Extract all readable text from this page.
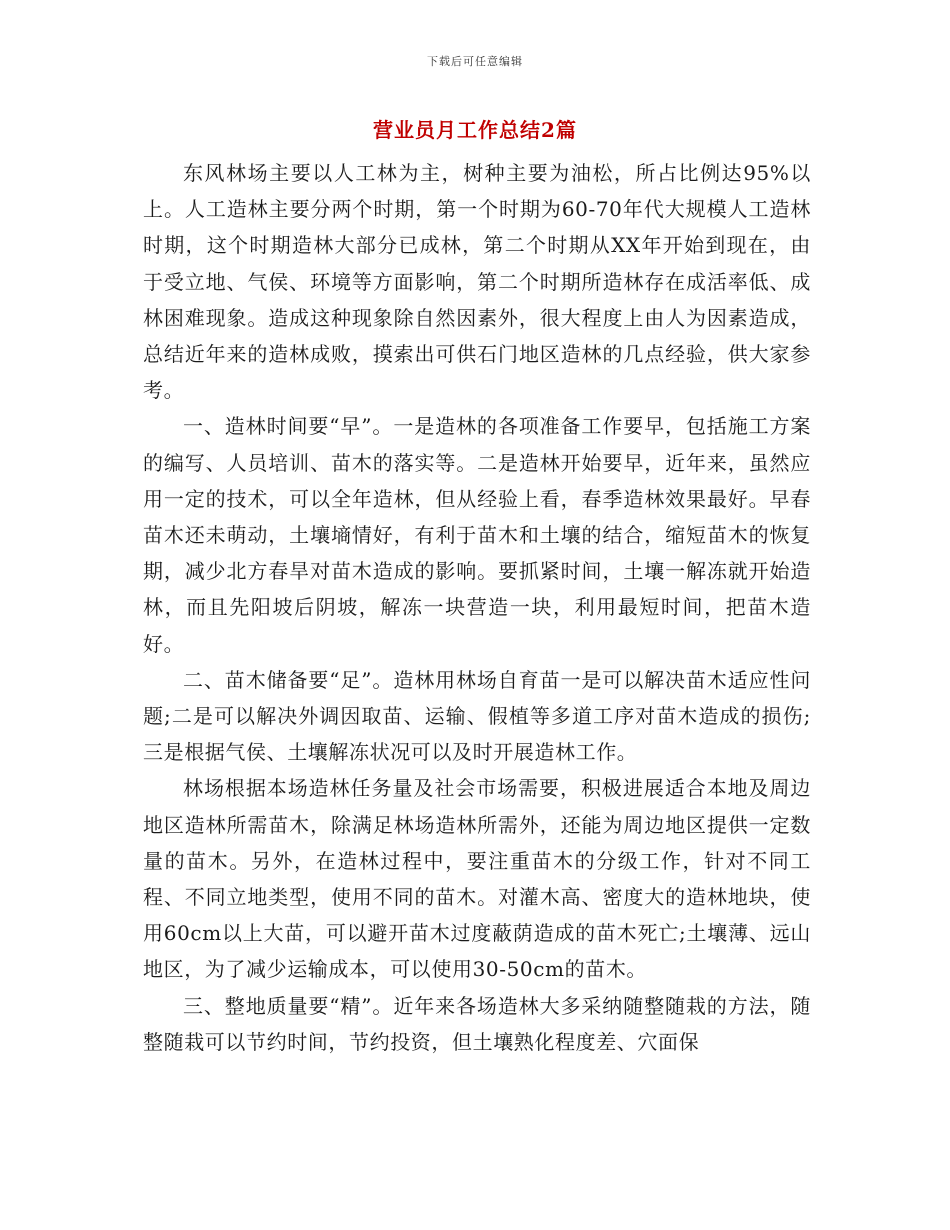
下载后可任意编辑
营业员月工作总结2篇

东风林场主要以人工林为主，树种主要为油松，所占比例达95%以上。人工造林主要分两个时期，第一个时期为60-70年代大规模人工造林时期，这个时期造林大部分已成林，第二个时期从XX年开始到现在，由于受立地、气侯、环境等方面影响，第二个时期所造林存在成活率低、成林困难现象。造成这种现象除自然因素外，很大程度上由人为因素造成，总结近年来的造林成败，摸索出可供石门地区造林的几点经验，供大家参考。

一、造林时间要“早”。一是造林的各项准备工作要早，包括施工方案的编写、人员培训、苗木的落实等。二是造林开始要早，近年来，虽然应用一定的技术，可以全年造林，但从经验上看，春季造林效果最好。早春苗木还未萌动，土壤墒情好，有利于苗木和土壤的结合，缩短苗木的恢复期，减少北方春旱对苗木造成的影响。要抓紧时间，土壤一解冻就开始造林，而且先阳坡后阴坡，解冻一块营造一块，利用最短时间，把苗木造好。

二、苗木储备要“足”。造林用林场自育苗一是可以解决苗木适应性问题;二是可以解决外调因取苗、运输、假植等多道工序对苗木造成的损伤;三是根据气侯、土壤解冻状况可以及时开展造林工作。

林场根据本场造林任务量及社会市场需要，积极进展适合本地及周边地区造林所需苗木，除满足林场造林所需外，还能为周边地区提供一定数量的苗木。另外，在造林过程中，要注重苗木的分级工作，针对不同工程、不同立地类型，使用不同的苗木。对灌木高、密度大的造林地块，使用60cm以上大苗，可以避开苗木过度蔽荫造成的苗木死亡;土壤薄、远山地区，为了减少运输成本，可以使用30-50cm的苗木。

三、整地质量要“精”。近年来各场造林大多采纳随整随栽的方法，随整随栽可以节约时间，节约投资，但土壤熟化程度差、穴面保
